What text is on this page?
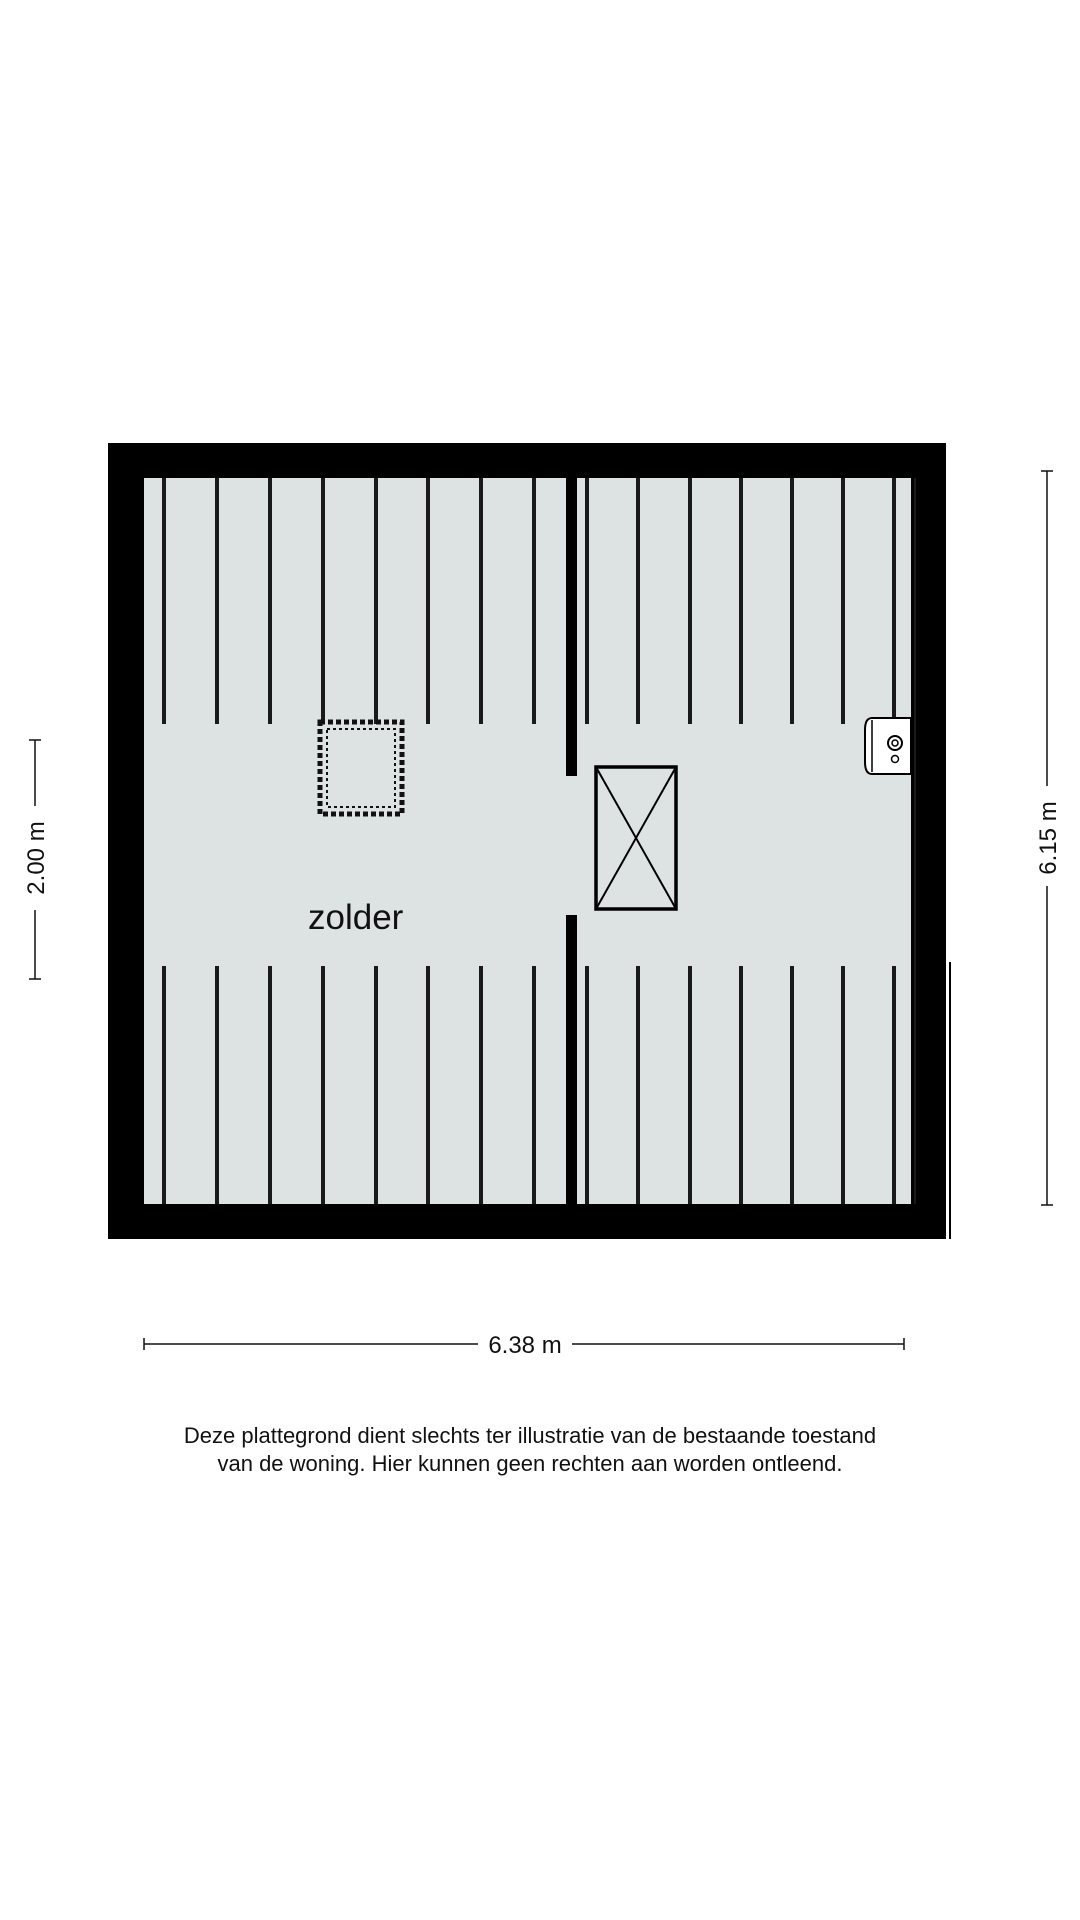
zolder
6.38 m
6.15 m
2.00 m
Deze plattegrond dient slechts ter illustratie van de bestaande toestand
van de woning. Hier kunnen geen rechten aan worden ontleend.
